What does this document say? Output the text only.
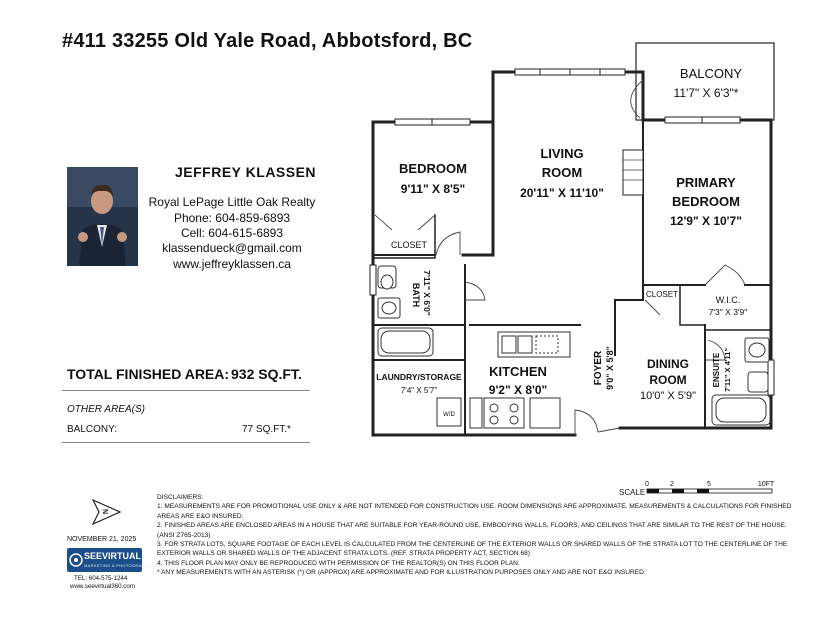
#411 33255 Old Yale Road, Abbotsford, BC
JEFFREY KLASSEN
Royal LePage Little Oak Realty
Phone: 604-859-6893
Cell: 604-615-6893
klassendueck@gmail.com
www.jeffreyklassen.ca
TOTAL FINISHED AREA: 932 SQ.FT.
OTHER AREA(S)
BALCONY:	77 SQ.FT.*
BALCONY
11'7" X 6'3"*
LIVING
ROOM
20'11" X 11'10"
BEDROOM
9'11" X 8'5"
CLOSET
PRIMARY
BEDROOM
12'9" X 10'7"
CLOSET
W.I.C.
7'3" X 3'9"
DINING
ROOM
10'0" X 5'9"
KITCHEN
9'2" X 8'0"
LAUNDRY/STORAGE
7'4" X 5'7"
W/D
BATH 7'11" X 6'0"
FOYER 9'0" X 5'8"	ENSUITE 7'11" X 4'11"
SCALE
0	2	5	10FT
N
DISCLAIMERS:
1. MEASUREMENTS ARE FOR PROMOTIONAL USE ONLY & ARE NOT INTENDED FOR CONSTRUCTION USE. ROOM DIMENSIONS ARE APPROXIMATE. MEASUREMENTS & CALCULATIONS FOR FINISHED AREAS ARE E&O INSURED.
2. FINISHED AREAS ARE ENCLOSED AREAS IN A HOUSE THAT ARE SUITABLE FOR YEAR-ROUND USE, EMBODYING WALLS, FLOORS, AND CEILINGS THAT ARE SIMILAR TO THE REST OF THE HOUSE. (ANSI Z765-2013)
3. FOR STRATA LOTS, SQUARE FOOTAGE OF EACH LEVEL IS CALCULATED FROM THE CENTERLINE OF THE EXTERIOR WALLS OR SHARED WALLS OF THE STRATA LOT TO THE CENTERLINE OF THE EXTERIOR WALLS OR SHARED WALLS OF THE ADJACENT STRATA LOTS. (REF. STRATA PROPERTY ACT, SECTION 68)
4. THIS FLOOR PLAN MAY ONLY BE REPRODUCED WITH PERMISSION OF THE REALTOR(S) ON THIS FLOOR PLAN.
* ANY MEASUREMENTS WITH AN ASTERISK (*) OR (APPROX) ARE APPROXIMATE AND FOR ILLUSTRATION PURPOSES ONLY AND ARE NOT E&O INSURED.
NOVEMBER 21, 2025
SEEVIRTUAL
MARKETING & PHOTOGRAPHY
TEL: 604-575-1244
www.seevirtual360.com
